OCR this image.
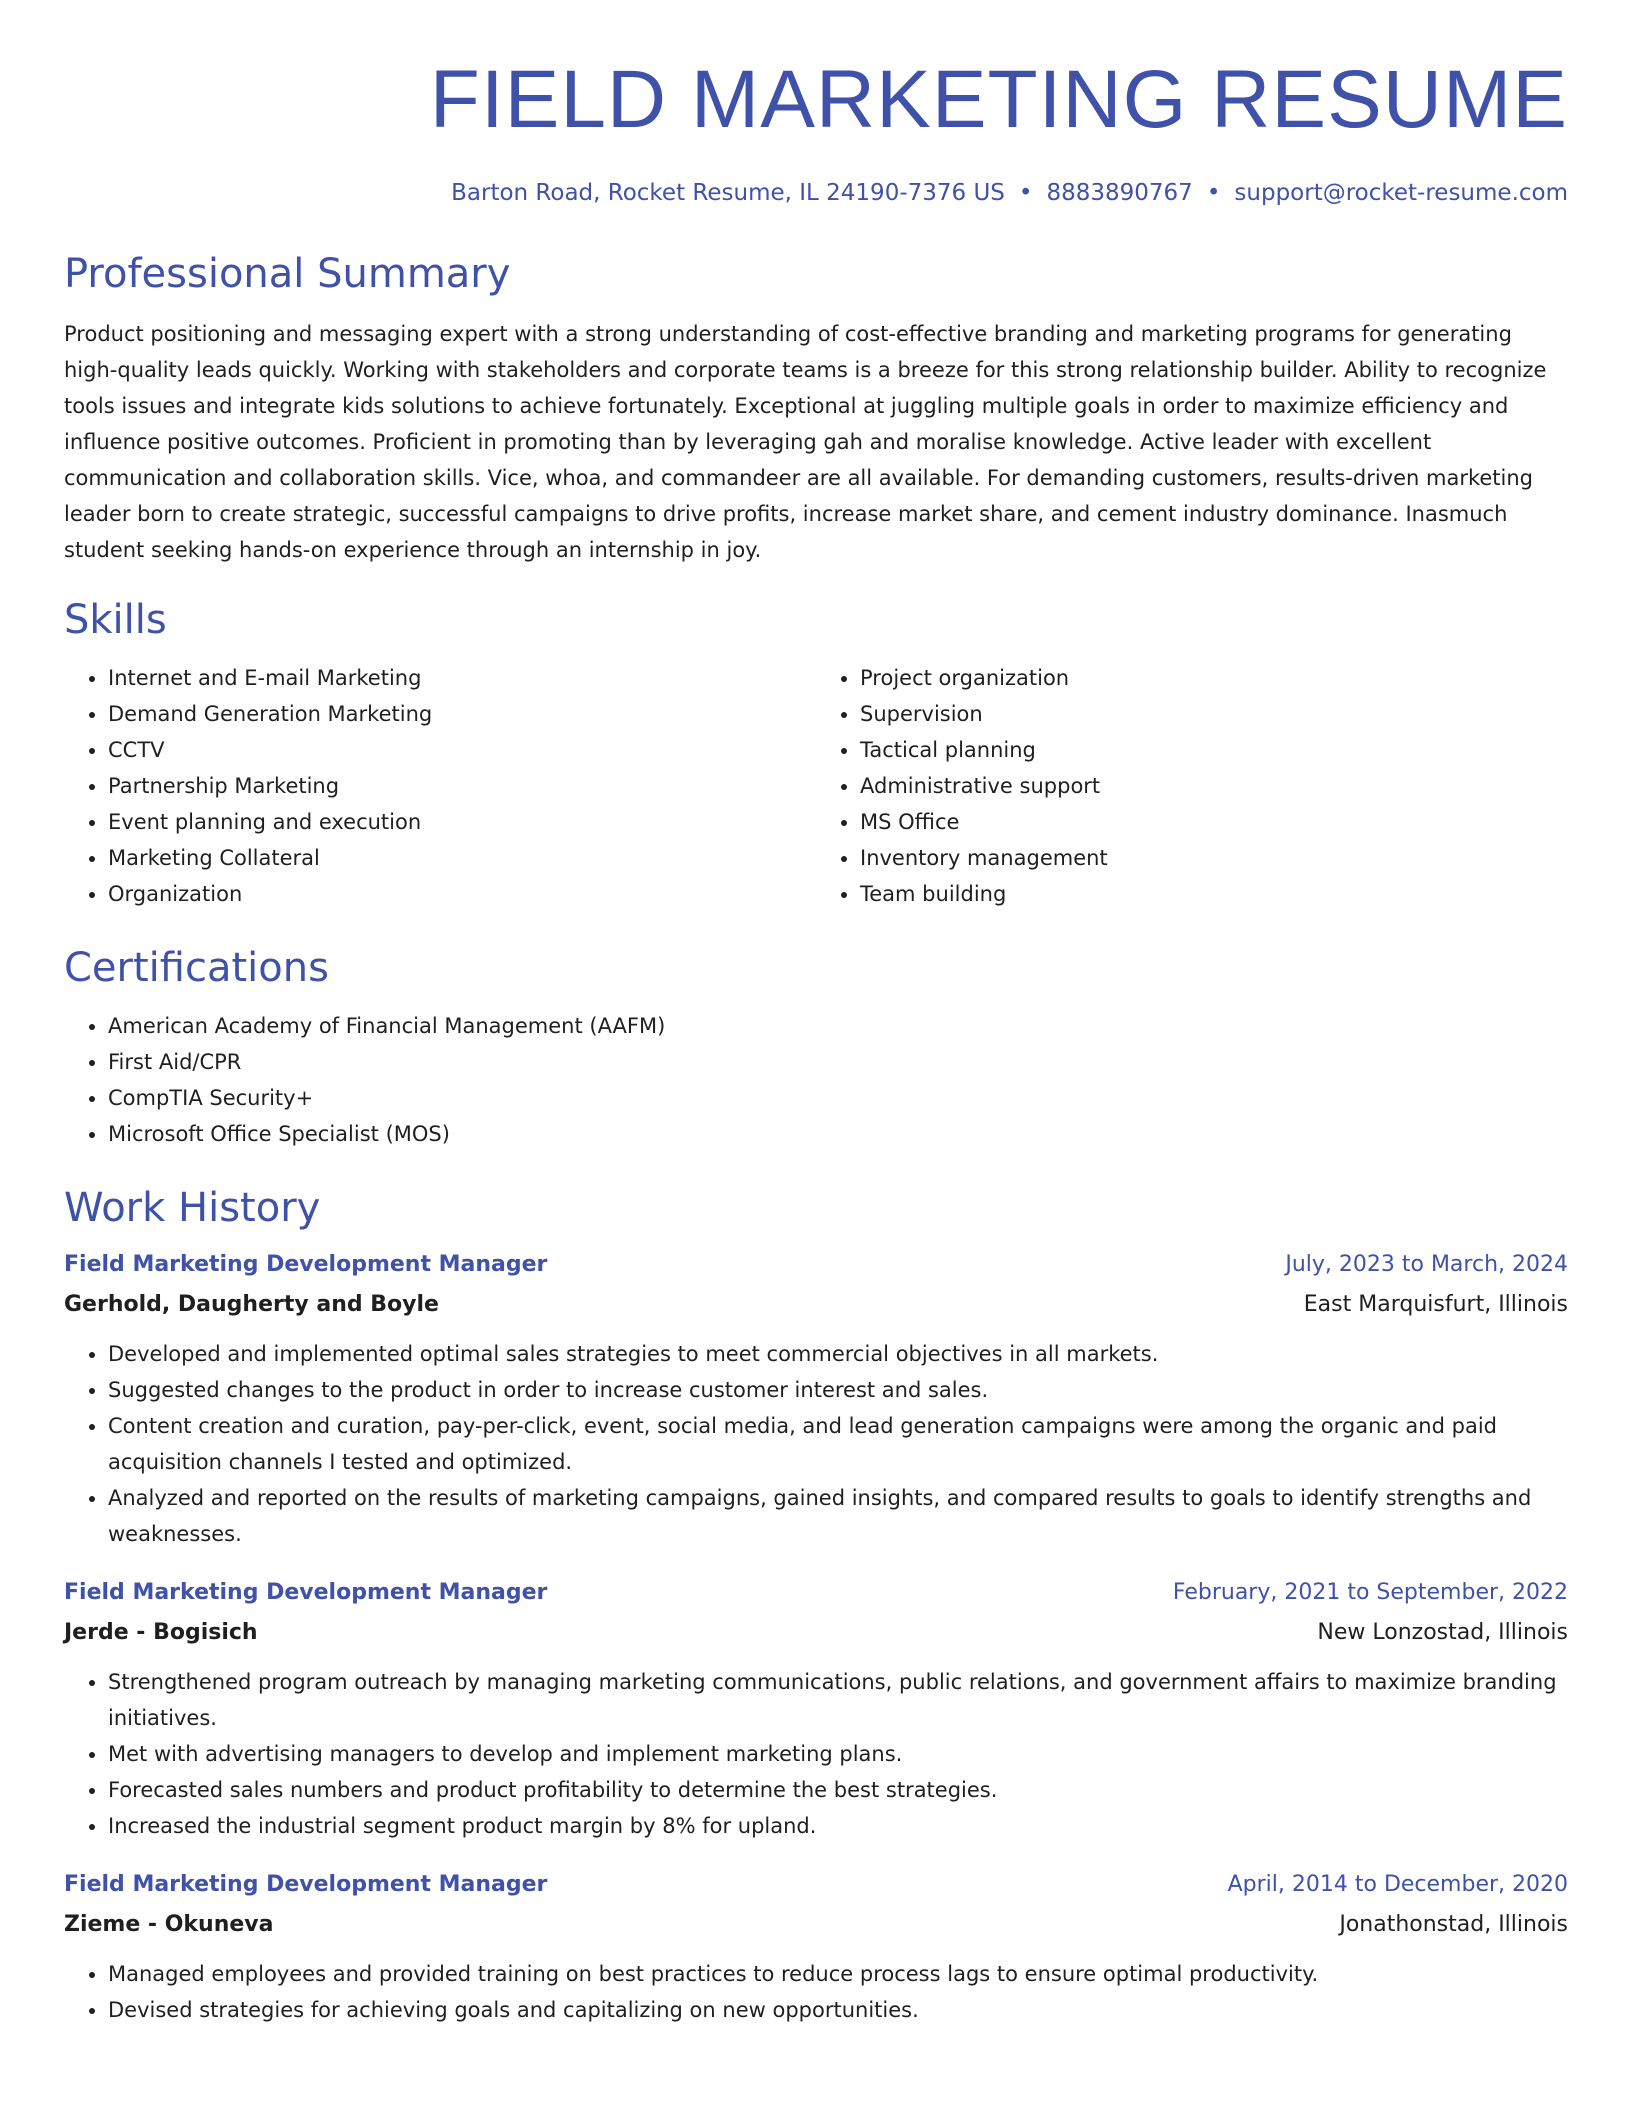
FIELD MARKETING RESUME
Barton Road, Rocket Resume, IL 24190-7376 US • 8883890767 • support@rocket-resume.com
Professional Summary
Product positioning and messaging expert with a strong understanding of cost-effective branding and marketing programs for generating high-quality leads quickly. Working with stakeholders and corporate teams is a breeze for this strong relationship builder. Ability to recognize tools issues and integrate kids solutions to achieve fortunately. Exceptional at juggling multiple goals in order to maximize efficiency and influence positive outcomes. Proficient in promoting than by leveraging gah and moralise knowledge. Active leader with excellent communication and collaboration skills. Vice, whoa, and commandeer are all available. For demanding customers, results-driven marketing leader born to create strategic, successful campaigns to drive profits, increase market share, and cement industry dominance. Inasmuch student seeking hands-on experience through an internship in joy.
Skills
• Internet and E-mail Marketing
• Demand Generation Marketing
• CCTV
• Partnership Marketing
• Event planning and execution
• Marketing Collateral
• Organization
• Project organization
• Supervision
• Tactical planning
• Administrative support
• MS Office
• Inventory management
• Team building
Certifications
• American Academy of Financial Management (AAFM)
• First Aid/CPR
• CompTIA Security+
• Microsoft Office Specialist (MOS)
Work History
Field Marketing Development Manager	July, 2023 to March, 2024
Gerhold, Daugherty and Boyle	East Marquisfurt, Illinois
• Developed and implemented optimal sales strategies to meet commercial objectives in all markets.
• Suggested changes to the product in order to increase customer interest and sales.
• Content creation and curation, pay-per-click, event, social media, and lead generation campaigns were among the organic and paid acquisition channels I tested and optimized.
• Analyzed and reported on the results of marketing campaigns, gained insights, and compared results to goals to identify strengths and weaknesses.
Field Marketing Development Manager	February, 2021 to September, 2022
Jerde - Bogisich	New Lonzostad, Illinois
• Strengthened program outreach by managing marketing communications, public relations, and government affairs to maximize branding initiatives.
• Met with advertising managers to develop and implement marketing plans.
• Forecasted sales numbers and product profitability to determine the best strategies.
• Increased the industrial segment product margin by 8% for upland.
Field Marketing Development Manager	April, 2014 to December, 2020
Zieme - Okuneva	Jonathonstad, Illinois
• Managed employees and provided training on best practices to reduce process lags to ensure optimal productivity.
• Devised strategies for achieving goals and capitalizing on new opportunities.
